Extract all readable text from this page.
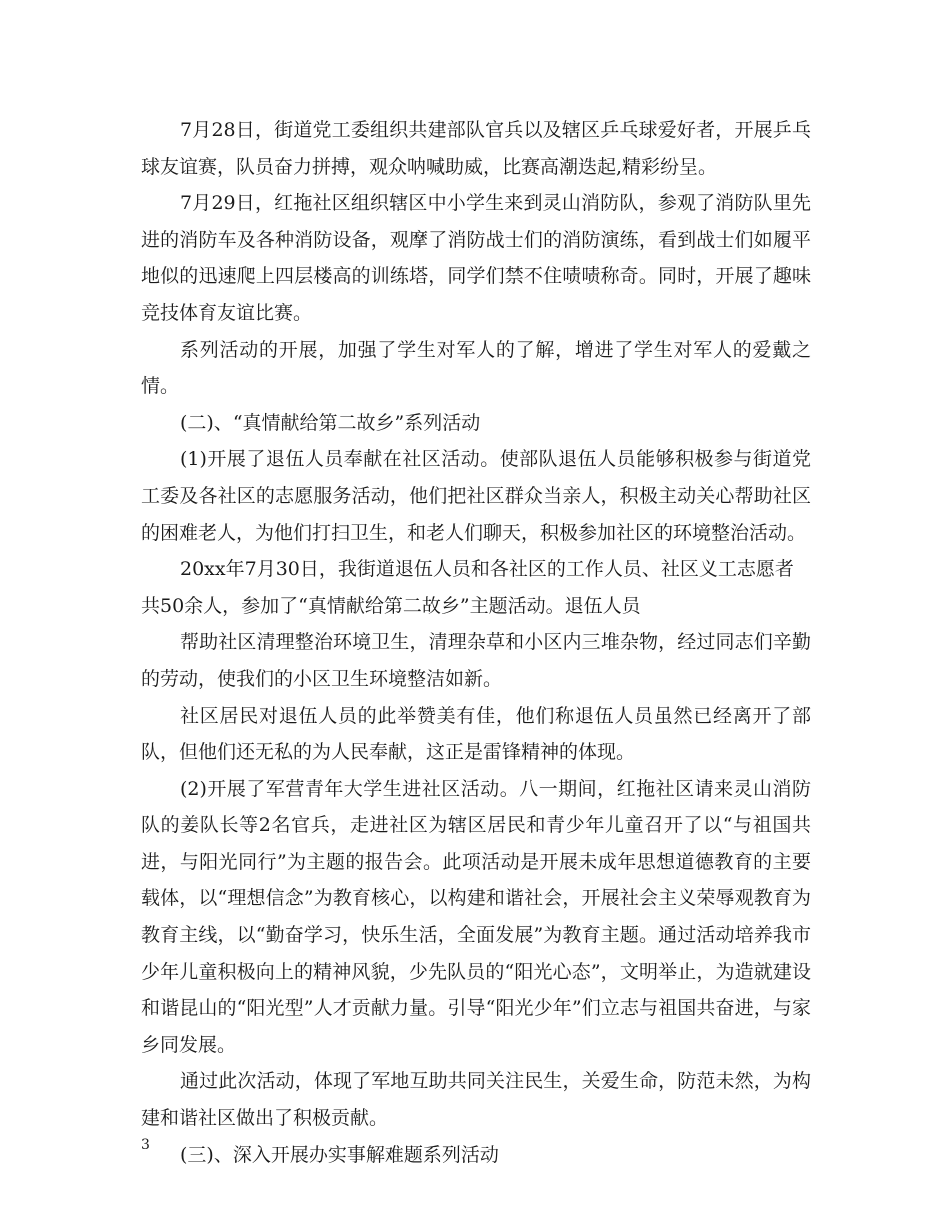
7月28日，街道党工委组织共建部队官兵以及辖区乒乓球爱好者，开展乒乓球友谊赛，队员奋力拼搏，观众呐喊助威，比赛高潮迭起,精彩纷呈。

7月29日，红拖社区组织辖区中小学生来到灵山消防队，参观了消防队里先进的消防车及各种消防设备，观摩了消防战士们的消防演练，看到战士们如履平地似的迅速爬上四层楼高的训练塔，同学们禁不住啧啧称奇。同时，开展了趣味竞技体育友谊比赛。

系列活动的开展，加强了学生对军人的了解，增进了学生对军人的爱戴之情。

(二)、“真情献给第二故乡”系列活动

(1)开展了退伍人员奉献在社区活动。使部队退伍人员能够积极参与街道党工委及各社区的志愿服务活动，他们把社区群众当亲人，积极主动关心帮助社区的困难老人，为他们打扫卫生，和老人们聊天，积极参加社区的环境整治活动。

20xx年7月30日，我街道退伍人员和各社区的工作人员、社区义工志愿者共50余人，参加了“真情献给第二故乡”主题活动。退伍人员

帮助社区清理整治环境卫生，清理杂草和小区内三堆杂物，经过同志们辛勤的劳动，使我们的小区卫生环境整洁如新。

社区居民对退伍人员的此举赞美有佳，他们称退伍人员虽然已经离开了部队，但他们还无私的为人民奉献，这正是雷锋精神的体现。

(2)开展了军营青年大学生进社区活动。八一期间，红拖社区请来灵山消防队的姜队长等2名官兵，走进社区为辖区居民和青少年儿童召开了以“与祖国共进，与阳光同行”为主题的报告会。此项活动是开展未成年思想道德教育的主要载体，以“理想信念”为教育核心，以构建和谐社会，开展社会主义荣辱观教育为教育主线，以“勤奋学习，快乐生活，全面发展”为教育主题。通过活动培养我市少年儿童积极向上的精神风貌，少先队员的“阳光心态”，文明举止，为造就建设和谐昆山的“阳光型”人才贡献力量。引导“阳光少年”们立志与祖国共奋进，与家乡同发展。

通过此次活动，体现了军地互助共同关注民生，关爱生命，防范未然，为构建和谐社区做出了积极贡献。

(三)、深入开展办实事解难题系列活动

3
